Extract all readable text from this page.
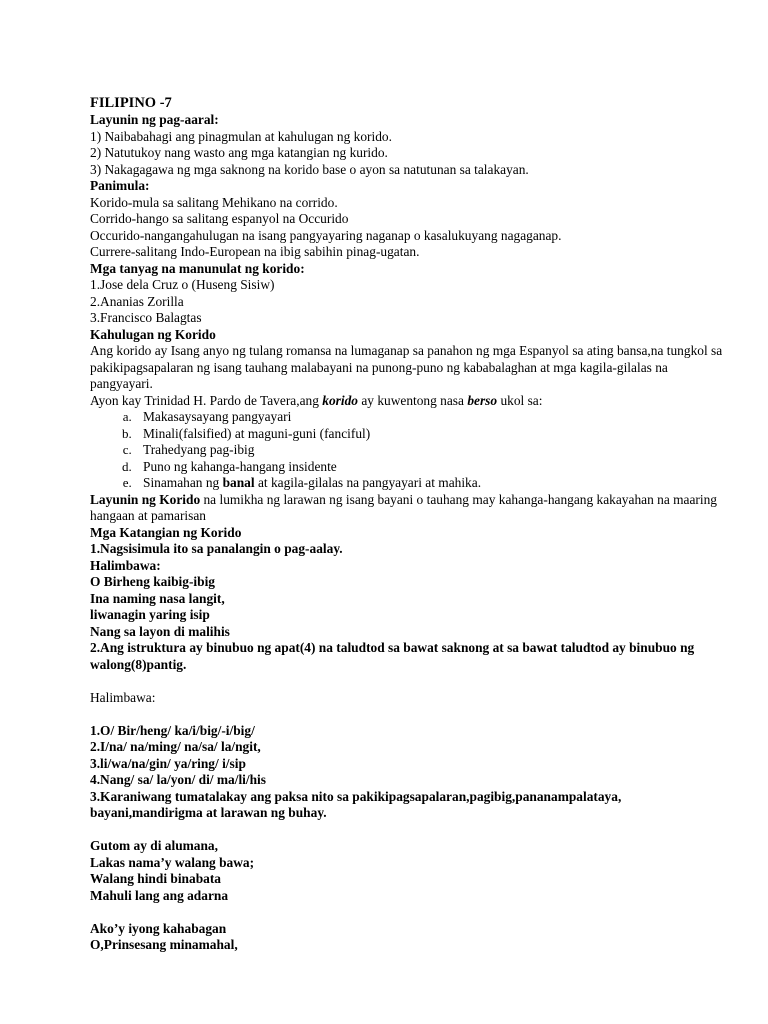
FILIPINO -7

Layunin ng pag-aaral:

1) Naibabahagi ang pinagmulan at kahulugan ng korido.

2) Natutukoy nang wasto ang mga katangian ng kurido.

3) Nakagagawa ng mga saknong na korido base o ayon sa natutunan sa talakayan.

Panimula:

Korido-mula sa salitang Mehikano na corrido.

Corrido-hango sa salitang espanyol na Occurido

Occurido-nangangahulugan na isang pangyayaring naganap o kasalukuyang nagaganap.

Currere-salitang Indo-European na ibig sabihin pinag-ugatan.

Mga tanyag na manunulat ng korido:

1.Jose dela Cruz o (Huseng Sisiw)

2.Ananias Zorilla

3.Francisco Balagtas

Kahulugan ng Korido

Ang korido ay Isang anyo ng tulang romansa na lumaganap sa panahon ng mga Espanyol sa ating bansa,na tungkol sa pakikipagsapalaran ng isang tauhang malabayani na punong-puno ng kababalaghan at mga kagila-gilalas na pangyayari.

Ayon kay Trinidad H. Pardo de Tavera,ang korido ay kuwentong nasa berso ukol sa:

a. Makasaysayang pangyayari
b. Minali(falsified) at maguni-guni (fanciful)
c. Trahedyang pag-ibig
d. Puno ng kahanga-hangang insidente
e. Sinamahan ng banal at kagila-gilalas na pangyayari at mahika.

Layunin ng Korido na lumikha ng larawan ng isang bayani o tauhang may kahanga-hangang kakayahan na maaring hangaan at pamarisan

Mga Katangian ng Korido

1.Nagsisimula ito sa panalangin o pag-aalay.

Halimbawa:

O Birheng kaibig-ibig

Ina naming nasa langit,

liwanagin yaring isip

Nang sa layon di malihis

2.Ang istruktura ay binubuo ng apat(4) na taludtod sa bawat saknong at sa bawat taludtod ay binubuo ng walong(8)pantig.

Halimbawa:

1.O/ Bir/heng/ ka/i/big/-i/big/

2.I/na/ na/ming/ na/sa/ la/ngit,

3.li/wa/na/gin/ ya/ring/ i/sip

4.Nang/ sa/ la/yon/ di/ ma/li/his

3.Karaniwang tumatalakay ang paksa nito sa pakikipagsapalaran,pagibig,pananampalataya, bayani,mandirigma at larawan ng buhay.

Gutom ay di alumana,

Lakas nama’y walang bawa;

Walang hindi binabata

Mahuli lang ang adarna

Ako’y iyong kahabagan

O,Prinsesang minamahal,
